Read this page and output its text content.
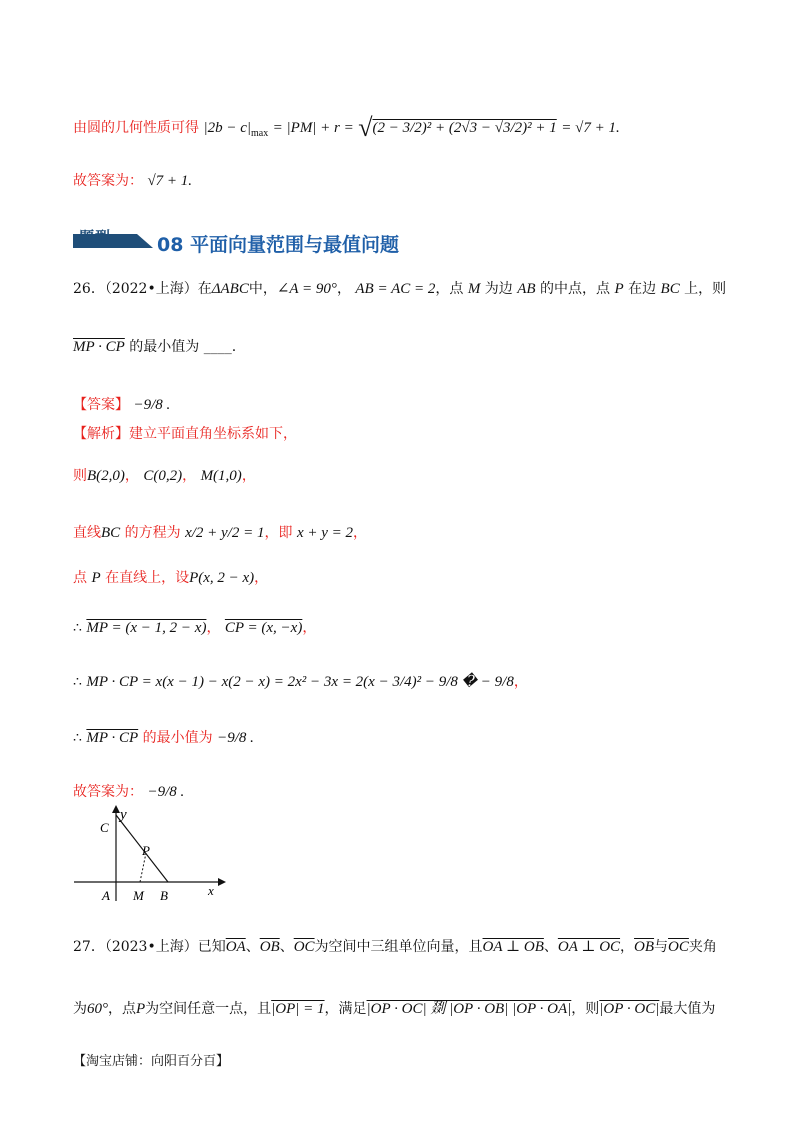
由圆的几何性质可得 $|2b - c|_{max} = |PM| + r = √(2 - 3/2)^2 + (2√3 - √3/2)^2 + 1 = √7 + 1$.
故答案为： √7 + 1.
题型 08 平面向量范围与最值问题
26．（2022•上海）在ΔABC中，∠A = 90°， AB = AC = 2，点 M 为边 AB 的中点，点 P 在边 BC 上，则
MP · CP 的最小值为 ____.
【答案】 −9/8 .
【解析】建立平面直角坐标系如下，
则B(2,0)， C(0,2)， M(1,0)，
直线BC 的方程为 x/2 + y/2 = 1，即 x + y = 2，
点 P 在直线上，设P(x, 2 − x)，
∴ MP = (x − 1, 2 − x)， CP = (x, −x)，
∴ MP · CP = x(x − 1) − x(2 − x) = 2x² − 3x = 2(x − 3/4)² − 9/8 � − 9/8，
∴ MP · CP 的最小值为 −9/8 .
故答案为： −9/8 .
y
C
P
A M B	x
27．（2023•上海）已知$\overline{OA}$、$\overline{OB}$、$\overline{OC}$为空间中三组单位向量，且OA ⊥ OB、OA ⊥ OC，$\overline{OB}$与$\overline{OC}$夹角
为60°，点P为空间任意一点，且|OP| = 1，满足|OP · OC| 剟 |OP · OB| |OP · OA|，则|OP · OC|最大值为
【淘宝店铺：向阳百分百】
